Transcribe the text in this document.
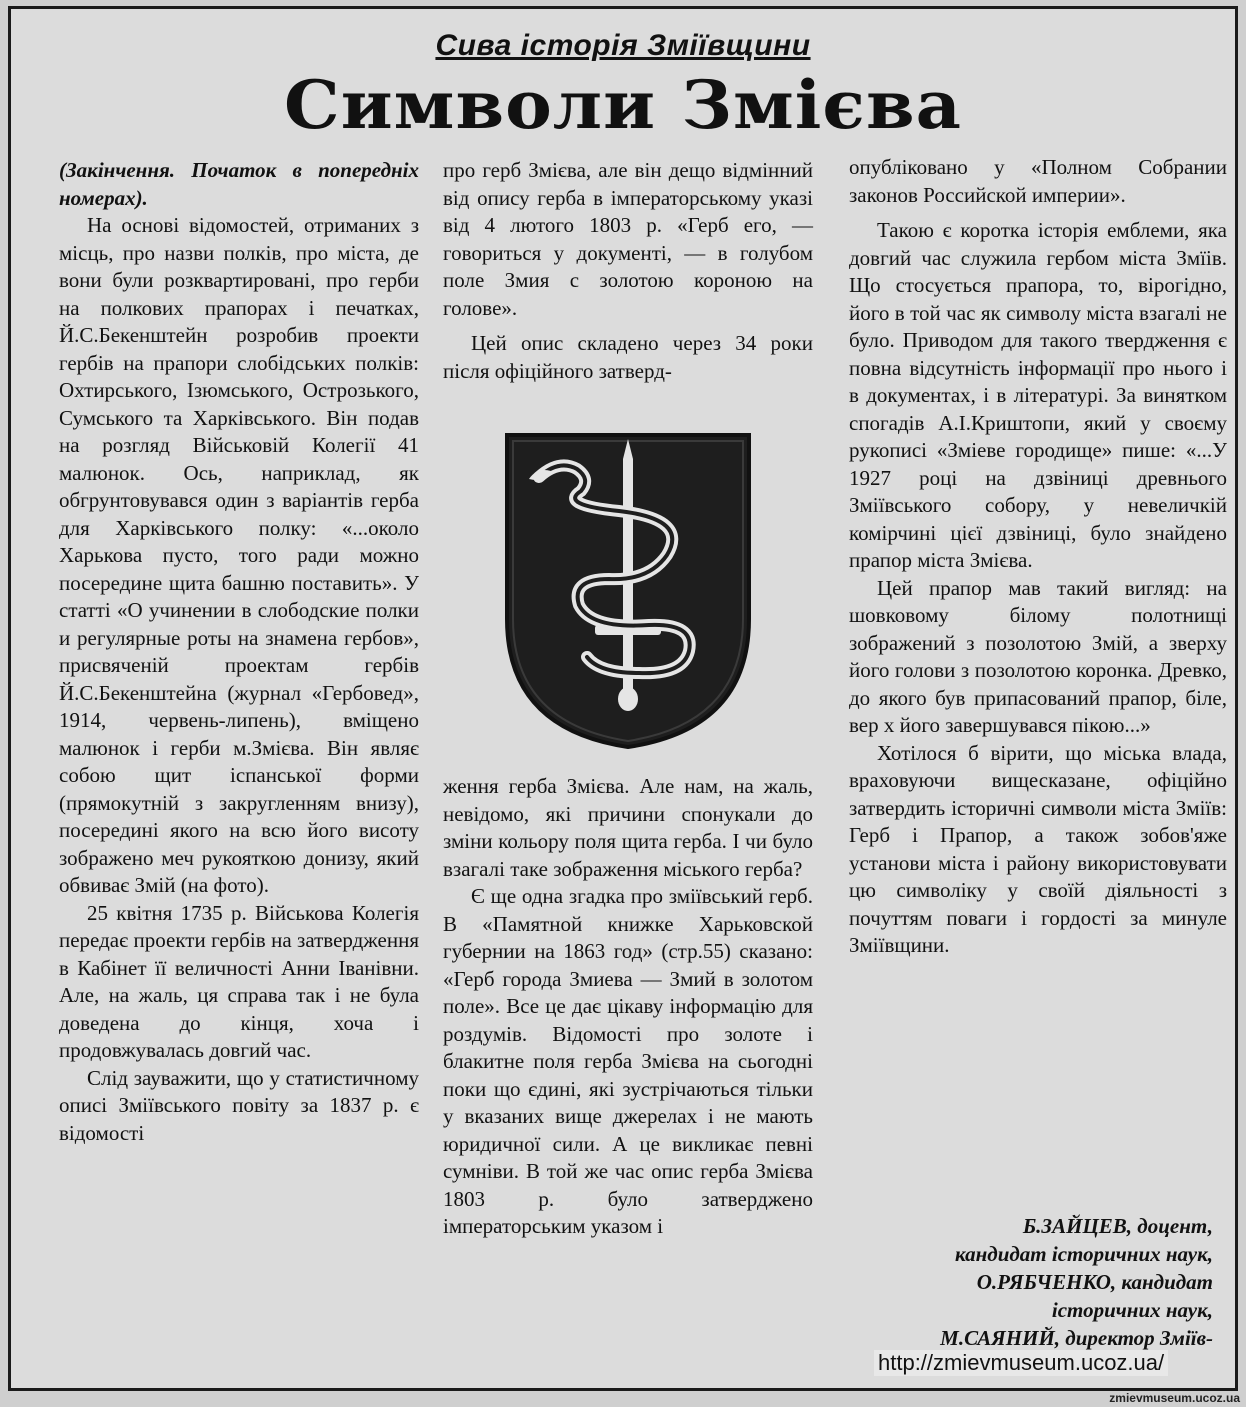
Сива історія Зміївщини
Символи Змієва

(Закінчення. Початок в попередніх номерах).

На основі відомостей, отриманих з місць, про назви полків, про міста, де вони були розквартировані, про герби на полкових прапорах і печатках, Й.С.Бекенштейн розробив проекти гербів на прапори слобідських полків: Охтирського, Ізюмського, Острозького, Сумського та Харківського. Він подав на розгляд Військовій Колегії 41 малюнок. Ось, наприклад, як обгрунтовувався один з варіантів герба для Харківського полку: «...около Харькова пусто, того ради можно посередине щита башню поставить». У статті «О учинении в слободские полки и регулярные роты на знамена гербов», присвяченій проектам гербів Й.С.Бекенштейна (журнал «Гербовед», 1914, червень-липень), вміщено малюнок і герби м.Змієва. Він являє собою щит іспанської форми (прямокутній з закругленням внизу), посередині якого на всю його висоту зображено меч рукояткою донизу, який обвиває Змій (на фото).

25 квітня 1735 р. Військова Колегія передає проекти гербів на затвердження в Кабінет її величності Анни Іванівни. Але, на жаль, ця справа так і не була доведена до кінця, хоча і продовжувалась довгий час.

Слід зауважити, що у статистичному описі Зміївського повіту за 1837 р. є відомості

про герб Змієва, але він дещо відмінний від опису герба в імператорському указі від 4 лютого 1803 р. «Герб его, — говориться у документі, — в голубом поле Змия с золотою короною на голове».

Цей опис складено через 34 роки після офіційного затверд-

ження герба Змієва. Але нам, на жаль, невідомо, які причини спонукали до зміни кольору поля щита герба. І чи було взагалі таке зображення міського герба?

Є ще одна згадка про зміївський герб. В «Памятной книжке Харьковской губернии на 1863 год» (стр.55) сказано: «Герб города Змиева — Змий в золотом поле». Все це дає цікаву інформацію для роздумів. Відомості про золоте і блакитне поля герба Змієва на сьогодні поки що єдині, які зустрічаються тільки у вказаних вище джерелах і не мають юридичної сили. А це викликає певні сумніви. В той же час опис герба Змієва 1803 р. було затверджено імператорським указом і

опубліковано у «Полном Собрании законов Российской империи».

Такою є коротка історія емблеми, яка довгий час служила гербом міста Змїів. Що стосується прапора, то, вірогідно, його в той час як символу міста взагалі не було. Приводом для такого твердження є повна відсутність інформації про нього і в документах, і в літературі. За винятком спогадів А.І.Криштопи, який у своєму рукописі «Зміеве городище» пише: «...У 1927 році на дзвіниці древнього Зміївського собору, у невеличкій комірчині цієї дзвіниці, було знайдено прапор міста Змієва.

Цей прапор мав такий вигляд: на шовковому білому полотнищі зображений з позолотою Змій, а зверху його голови з позолотою коронка. Древко, до якого був припасований прапор, біле, вер х його завершувався пікою...»

Хотілося б вірити, що міська влада, враховуючи вищесказане, офіційно затвердить історичні символи міста Зміїв: Герб і Прапор, а також зобов'яже установи міста і району використовувати цю символіку у своїй діяльності з почуттям поваги і гордості за минуле Зміївщини.

Б.ЗАЙЦЕВ, доцент,
кандидат історичних наук,
О.РЯБЧЕНКО, кандидат
історичних наук,
М.САЯНИЙ, директор Зміїв-
http://zmievmuseum.ucoz.ua/
zmievmuseum.ucoz.ua
